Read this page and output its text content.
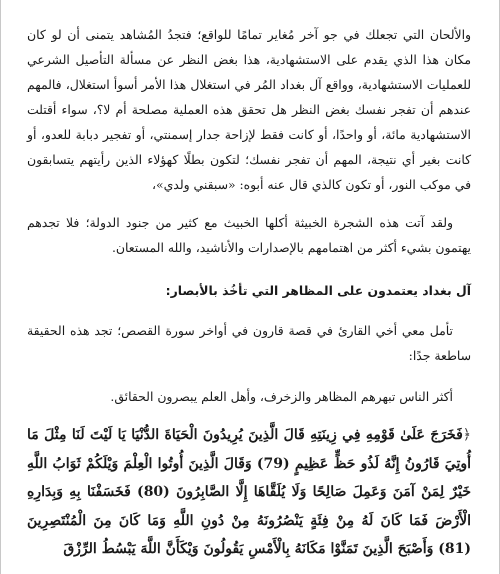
والألحان التي تجعلك في جو آخر مُغاير تمامًا للواقع؛ فتجدُ المُشاهد يتمنى أن لو كان مكان هذا الذي يقدم على الاستشهادية، هذا بغض النظر عن مسألة التأصيل الشرعي للعمليات الاستشهادية، وواقع آل بغداد المُر في استغلال هذا الأمر أسوأ استغلال، فالمهم عندهم أن تفجر نفسك بغض النظر هل تحقق هذه العملية مصلحة أم لا؟، سواء أقتلت الاستشهادية مائة، أو واحدًا، أو كانت فقط لإزاحة جدار إسمنتي، أو تفجير دبابة للعدو، أو كانت بغير أي نتيجة، المهم أن تفجر نفسك؛ لتكون بطلًا كهؤلاء الذين رأيتهم يتسابقون في موكب النور، أو تكون كالذي قال عنه أبوه: «سبقني ولدي»،

ولقد آتت هذه الشجرة الخبيثة أكلها الخبيث مع كثير من جنود الدولة؛ فلا تجدهم يهتمون بشيء أكثر من اهتمامهم بالإصدارات والأناشيد، والله المستعان.

آل بغداد يعتمدون على المظاهر التي تأخُذ بالأبصار:

تأمل معي أخي القارئ في قصة قارون في أواخر سورة القصص؛ تجد هذه الحقيقة ساطعة جدًا:

أكثر الناس تبهرهم المظاهر والزخرف، وأهل العلم يبصرون الحقائق.

﴿فَخَرَجَ عَلَىٰ قَوْمِهِ فِي زِينَتِهِ قَالَ الَّذِينَ يُرِيدُونَ الْحَيَاةَ الدُّنْيَا يَا لَيْتَ لَنَا مِثْلَ مَا أُوتِيَ قَارُونُ إِنَّهُ لَذُو حَظٍّ عَظِيمٍ (79) وَقَالَ الَّذِينَ أُوتُوا الْعِلْمَ وَيْلَكُمْ ثَوَابُ اللَّهِ خَيْرٌ لِمَنْ آمَنَ وَعَمِلَ صَالِحًا وَلَا يُلَقَّاهَا إِلَّا الصَّابِرُونَ (80) فَخَسَفْنَا بِهِ وَبِدَارِهِ الْأَرْضَ فَمَا كَانَ لَهُ مِنْ فِئَةٍ يَنْصُرُونَهُ مِنْ دُونِ اللَّهِ وَمَا كَانَ مِنَ الْمُنْتَصِرِينَ (81) وَأَصْبَحَ الَّذِينَ تَمَنَّوْا مَكَانَهُ بِالْأَمْسِ يَقُولُونَ وَيْكَأَنَّ اللَّهَ يَبْسُطُ الرِّزْقَ
